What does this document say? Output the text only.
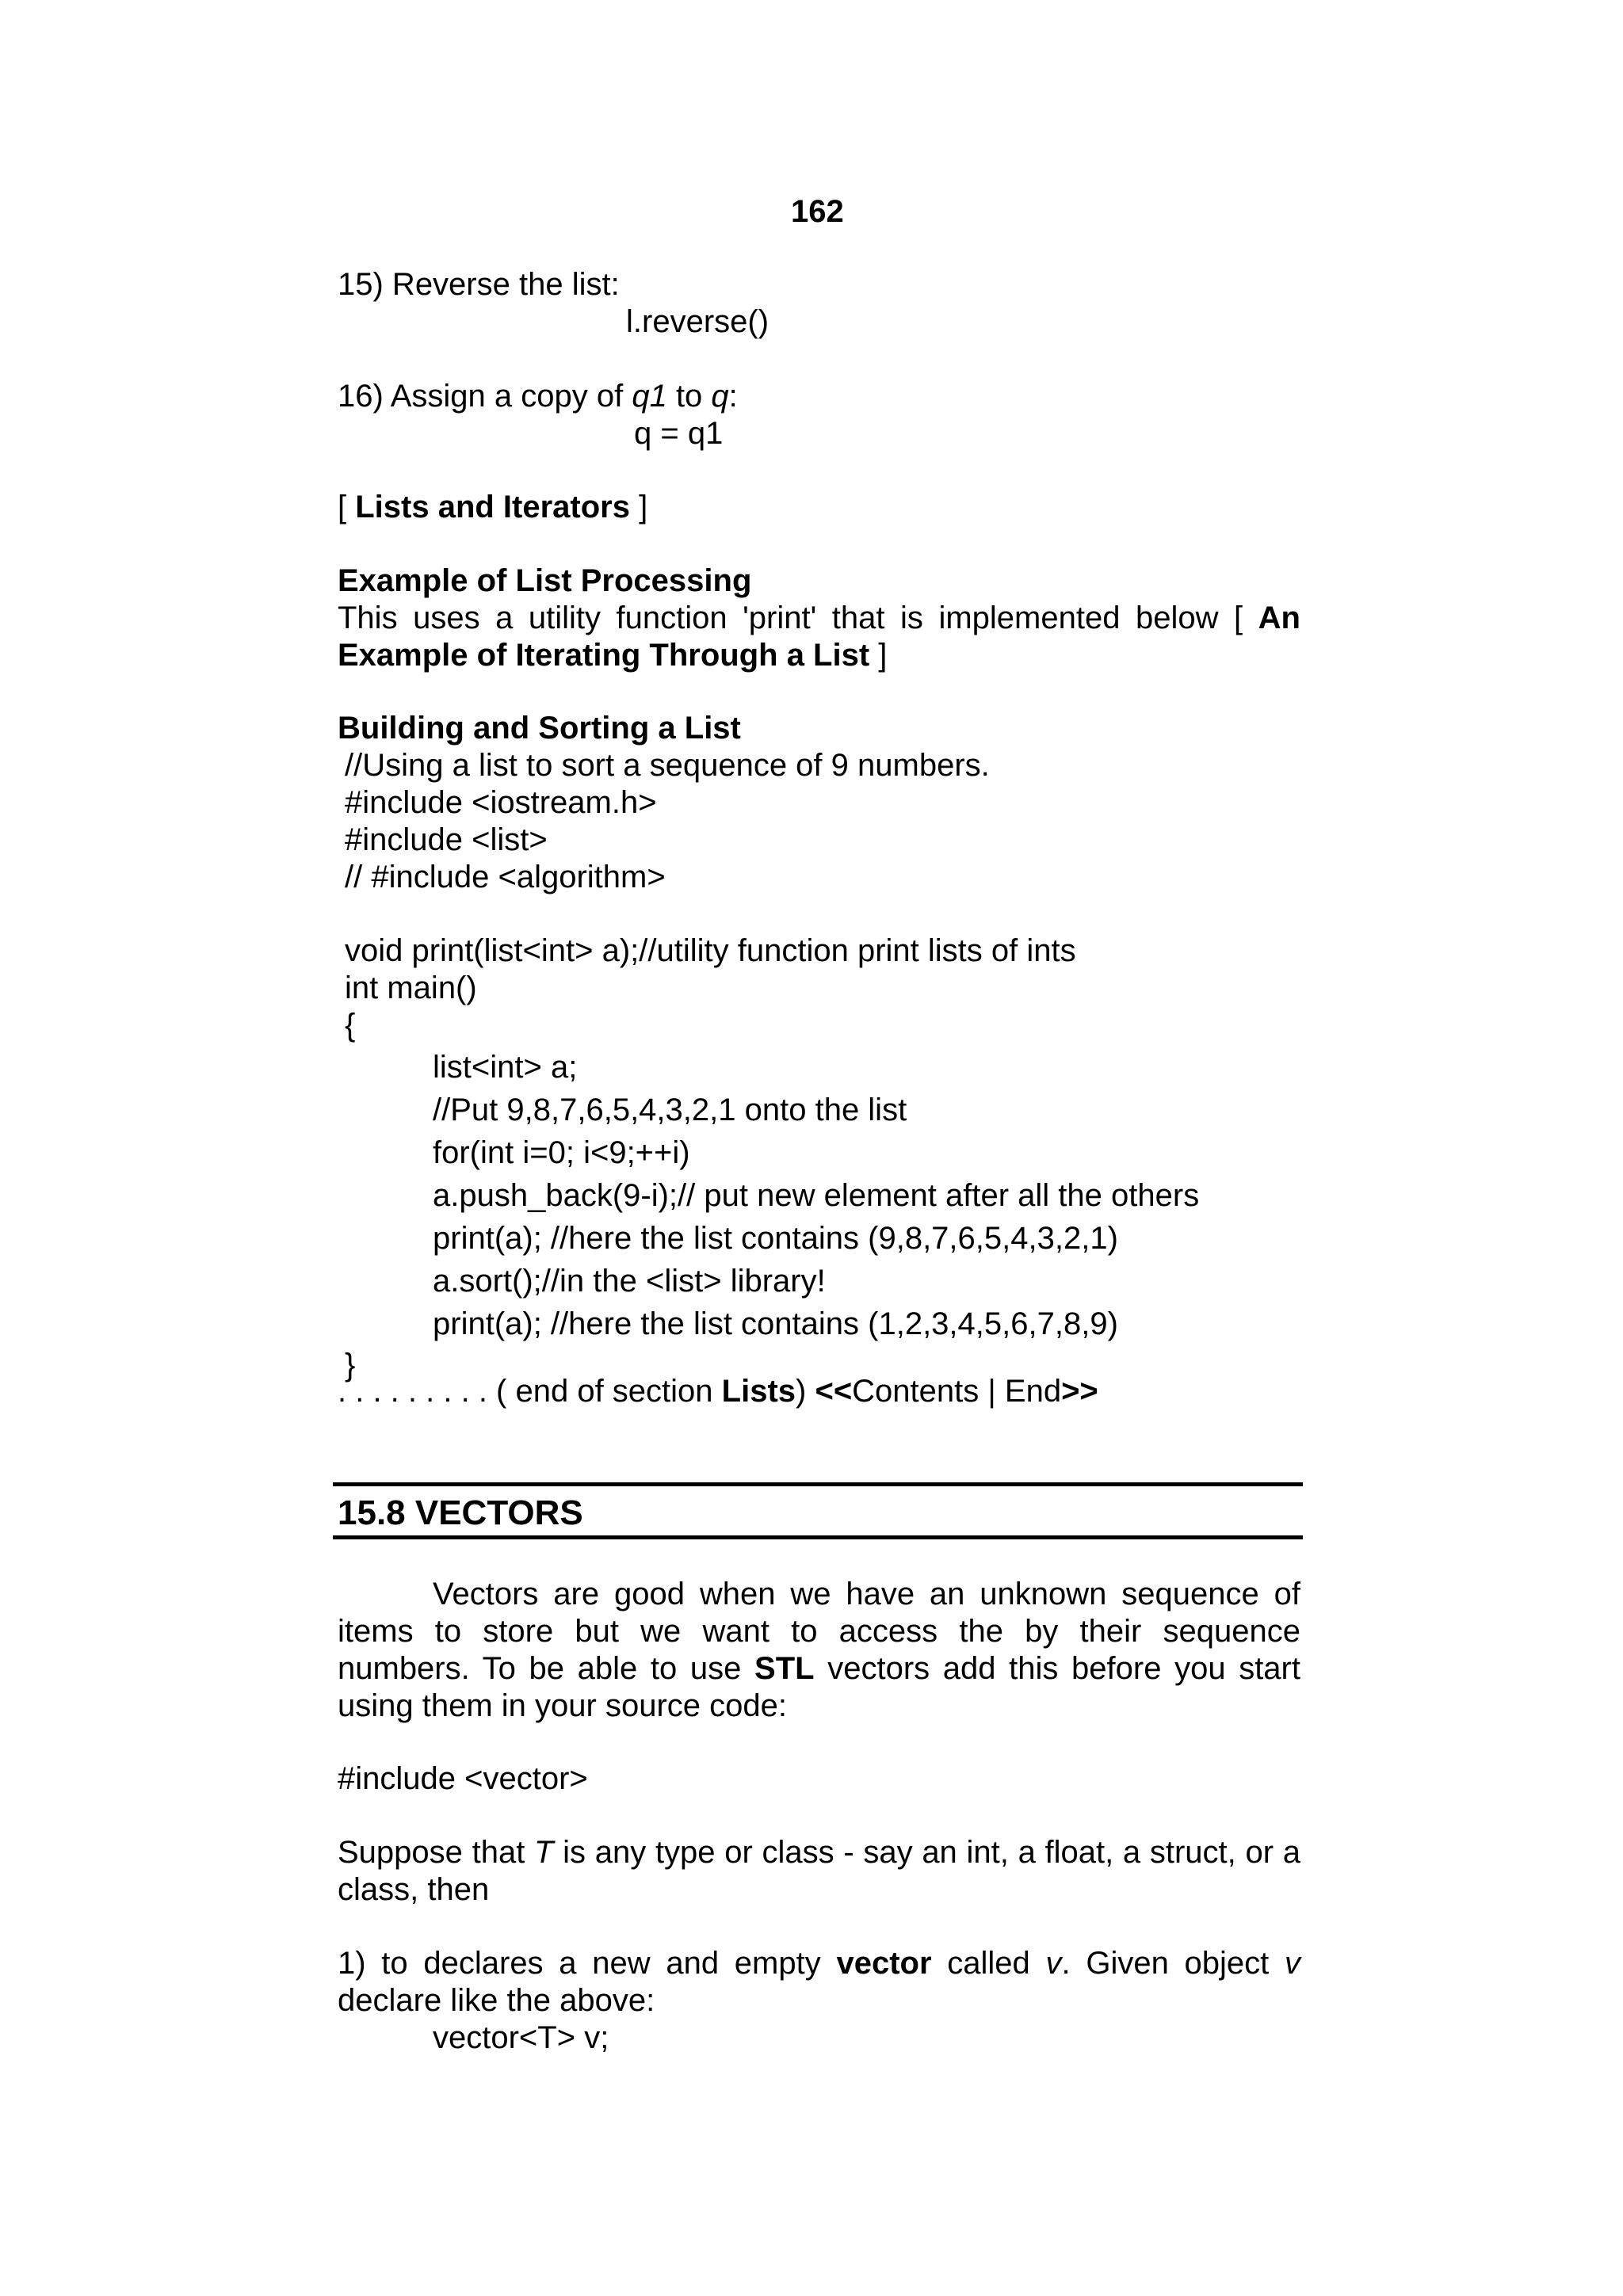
162
15) Reverse the list:
l.reverse()
16) Assign a copy of q1 to q:
q = q1
[ Lists and Iterators ]
Example of List Processing
This uses a utility function 'print' that is implemented below [ An Example of Iterating Through a List ]
Building and Sorting a List
//Using a list to sort a sequence of 9 numbers.
#include <iostream.h>
#include <list>
// #include <algorithm>
void print(list<int> a);//utility function print lists of ints
int main()
{
list<int> a;
//Put 9,8,7,6,5,4,3,2,1 onto the list
for(int i=0; i<9;++i)
a.push_back(9-i);// put new element after all the others
print(a); //here the list contains (9,8,7,6,5,4,3,2,1)
a.sort();//in the <list> library!
print(a); //here the list contains (1,2,3,4,5,6,7,8,9)
}
. . . . . . . . . ( end of section Lists) <<Contents | End>>
15.8 VECTORS
Vectors are good when we have an unknown sequence of items to store but we want to access the by their sequence numbers. To be able to use STL vectors add this before you start using them in your source code:
#include <vector>
Suppose that T is any type or class - say an int, a float, a struct, or a class, then
1) to declares a new and empty vector called v. Given object v declare like the above:
vector<T> v;
